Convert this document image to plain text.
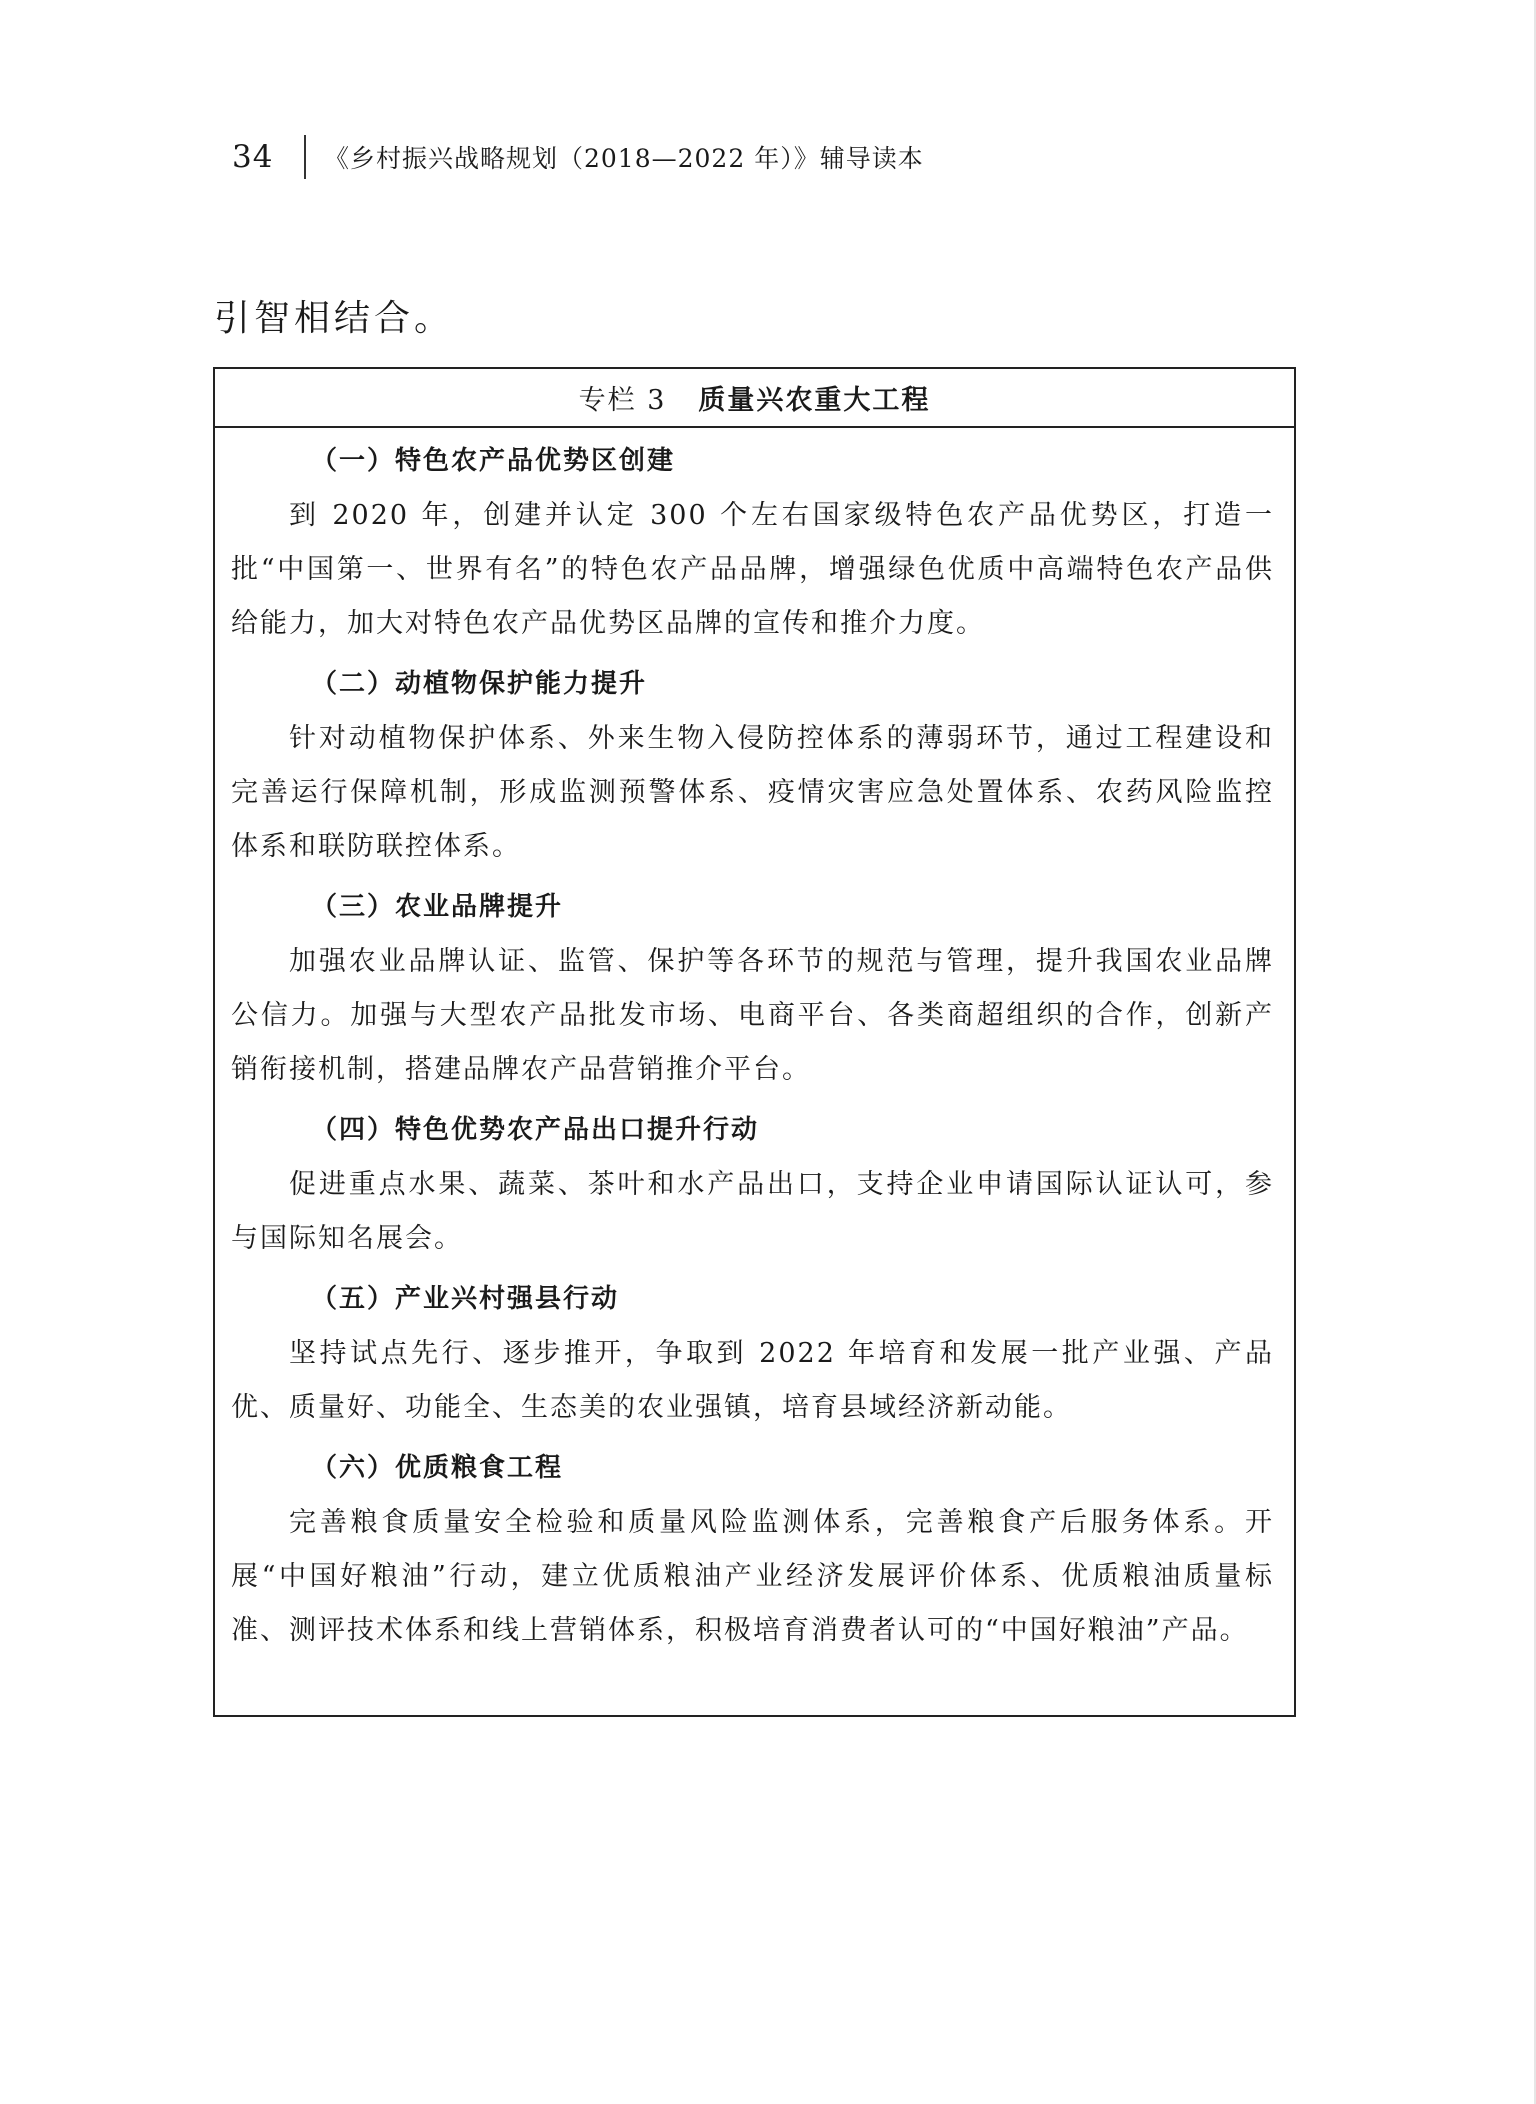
34	《乡村振兴战略规划（2018—2022 年）》辅导读本
引智相结合。
专栏 3 质量兴农重大工程
（一）特色农产品优势区创建

到 2020 年，创建并认定 300 个左右国家级特色农产品优势区，打造一批“中国第一、世界有名”的特色农产品品牌，增强绿色优质中高端特色农产品供给能力，加大对特色农产品优势区品牌的宣传和推介力度。

（二）动植物保护能力提升

针对动植物保护体系、外来生物入侵防控体系的薄弱环节，通过工程建设和完善运行保障机制，形成监测预警体系、疫情灾害应急处置体系、农药风险监控体系和联防联控体系。

（三）农业品牌提升

加强农业品牌认证、监管、保护等各环节的规范与管理，提升我国农业品牌公信力。加强与大型农产品批发市场、电商平台、各类商超组织的合作，创新产销衔接机制，搭建品牌农产品营销推介平台。

（四）特色优势农产品出口提升行动

促进重点水果、蔬菜、茶叶和水产品出口，支持企业申请国际认证认可，参与国际知名展会。

（五）产业兴村强县行动

坚持试点先行、逐步推开，争取到 2022 年培育和发展一批产业强、产品优、质量好、功能全、生态美的农业强镇，培育县域经济新动能。

（六）优质粮食工程

完善粮食质量安全检验和质量风险监测体系，完善粮食产后服务体系。开展“中国好粮油”行动，建立优质粮油产业经济发展评价体系、优质粮油质量标准、测评技术体系和线上营销体系，积极培育消费者认可的“中国好粮油”产品。
